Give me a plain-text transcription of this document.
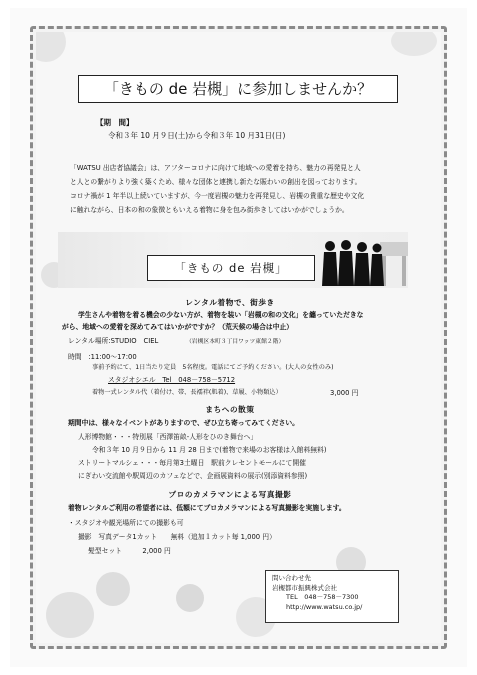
「きもの de 岩槻」に参加しませんか？
【期　間】
令和３年 10 月９日(土)から令和３年 10 月31日(日)
「WATSU 出店者協議会」は、アフターコロナに向けて地域への愛着を持ち、魅力の再発見と人
と人との繋がりより強く築くため、様々な団体と連携し新たな賑わいの創出を図っております。
コロナ禍が 1 年半以上続いていますが、今一度岩槻の魅力を再発見し、岩槻の貴重な歴史や文化
に触れながら、日本の和の象徴ともいえる着物に身を包み街歩きしてはいかがでしょうか。
「きもの de 岩槻」
レンタル着物で、街歩き
学生さんや着物を着る機会の少ない方が、着物を装い「岩槻の和の文化」を纏っていただきな
がら、地域への愛着を深めてみてはいかがですか？（荒天候の場合は中止）
レンタル場所:STUDIO　CIEL	（岩槻区本町３丁目ワッツ東館２階）
時間　:11:00～17:00
事前予約にて、1日当たり定員　5名程度。電話にてご予約ください。(大人の女性のみ)
スタジオシエル　Tel　048－758－5712
着物一式レンタル代（着付け、帯、長襦袢(肌着)、草履、小物類込）	3,000 円
まちへの散策
期間中は、様々なイベントがありますので、ぜひ立ち寄ってみてください。
人形博物館・・・特別展「西澤笛畝-人形をひのき舞台へ」
令和３年 10 月９日から 11 月 28 日まで(着物で来場のお客様は入館料無料)
ストリートマルシェ・・・毎月第3土曜日　駅前クレセントモールにて開催
にぎわい交流館や駅周辺のカフェなどで、企画展資料の展示(別添資料参照)
プロのカメラマンによる写真撮影
着物レンタルご利用の希望者には、低額にてプロカメラマンによる写真撮影を実施します。
・スタジオや観光場所にての撮影も可
撮影　写真データ1カット　　無料（追加１カット毎 1,000 円）
髪型セット　　　2,000 円
問い合わせ先
岩槻都市振興株式会社
TEL　048－758－7300
http://www.watsu.co.jp/
